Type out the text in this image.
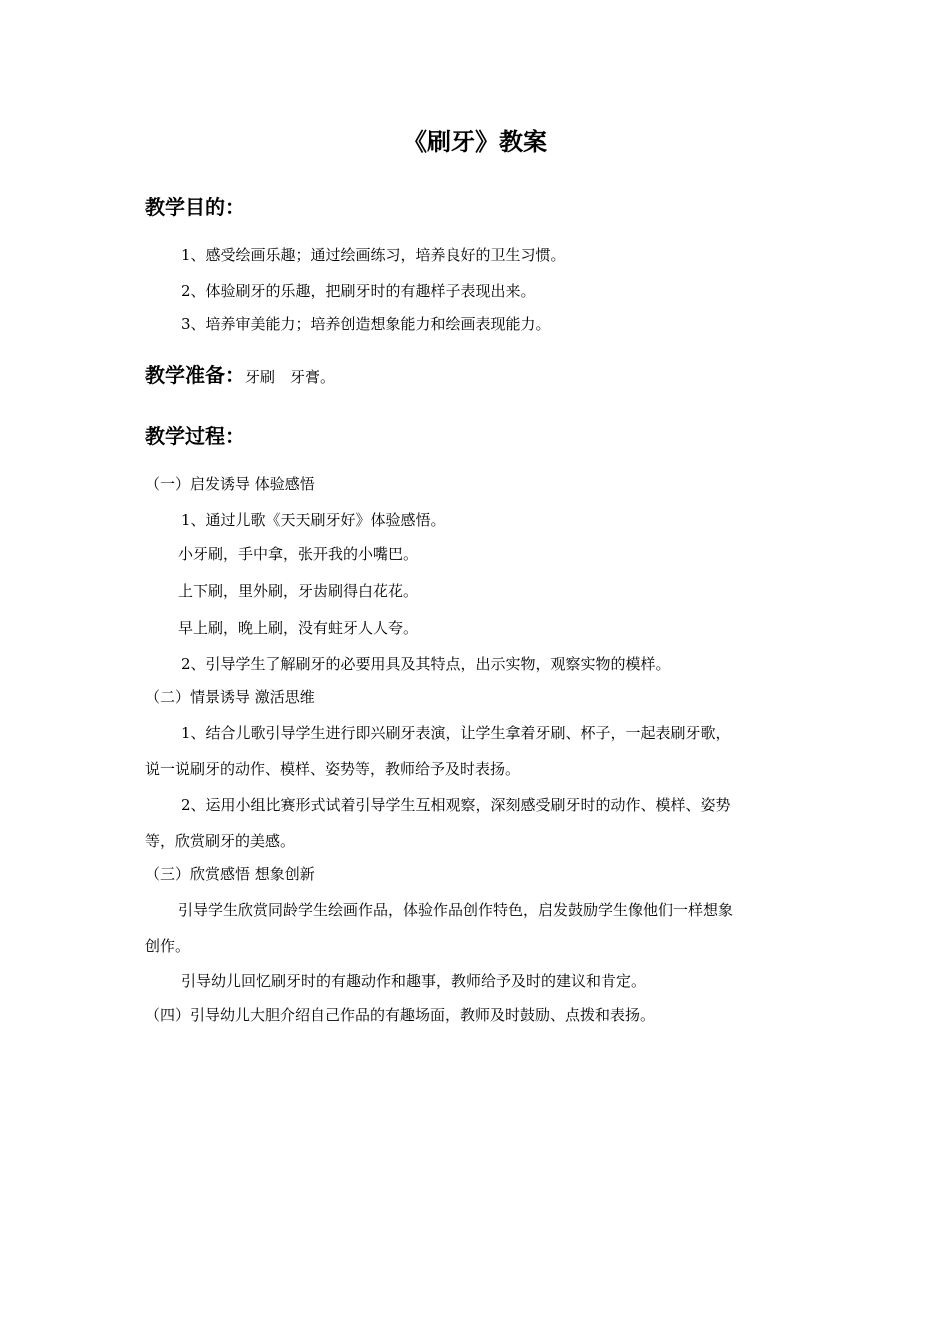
《刷牙》教案
教学目的：
1、感受绘画乐趣；通过绘画练习，培养良好的卫生习惯。
2、体验刷牙的乐趣，把刷牙时的有趣样子表现出来。
3、培养审美能力；培养创造想象能力和绘画表现能力。
教学准备：牙刷　牙膏。
教学过程：
（一）启发诱导 体验感悟
1、通过儿歌《天天刷牙好》体验感悟。
小牙刷，手中拿，张开我的小嘴巴。
上下刷，里外刷，牙齿刷得白花花。
早上刷，晚上刷，没有蛀牙人人夸。
2、引导学生了解刷牙的必要用具及其特点，出示实物，观察实物的模样。
（二）情景诱导 激活思维
1、结合儿歌引导学生进行即兴刷牙表演，让学生拿着牙刷、杯子，一起表刷牙歌，
说一说刷牙的动作、模样、姿势等，教师给予及时表扬。
2、运用小组比赛形式试着引导学生互相观察，深刻感受刷牙时的动作、模样、姿势
等，欣赏刷牙的美感。
（三）欣赏感悟 想象创新
引导学生欣赏同龄学生绘画作品，体验作品创作特色，启发鼓励学生像他们一样想象
创作。
引导幼儿回忆刷牙时的有趣动作和趣事，教师给予及时的建议和肯定。
（四）引导幼儿大胆介绍自己作品的有趣场面，教师及时鼓励、点拨和表扬。
